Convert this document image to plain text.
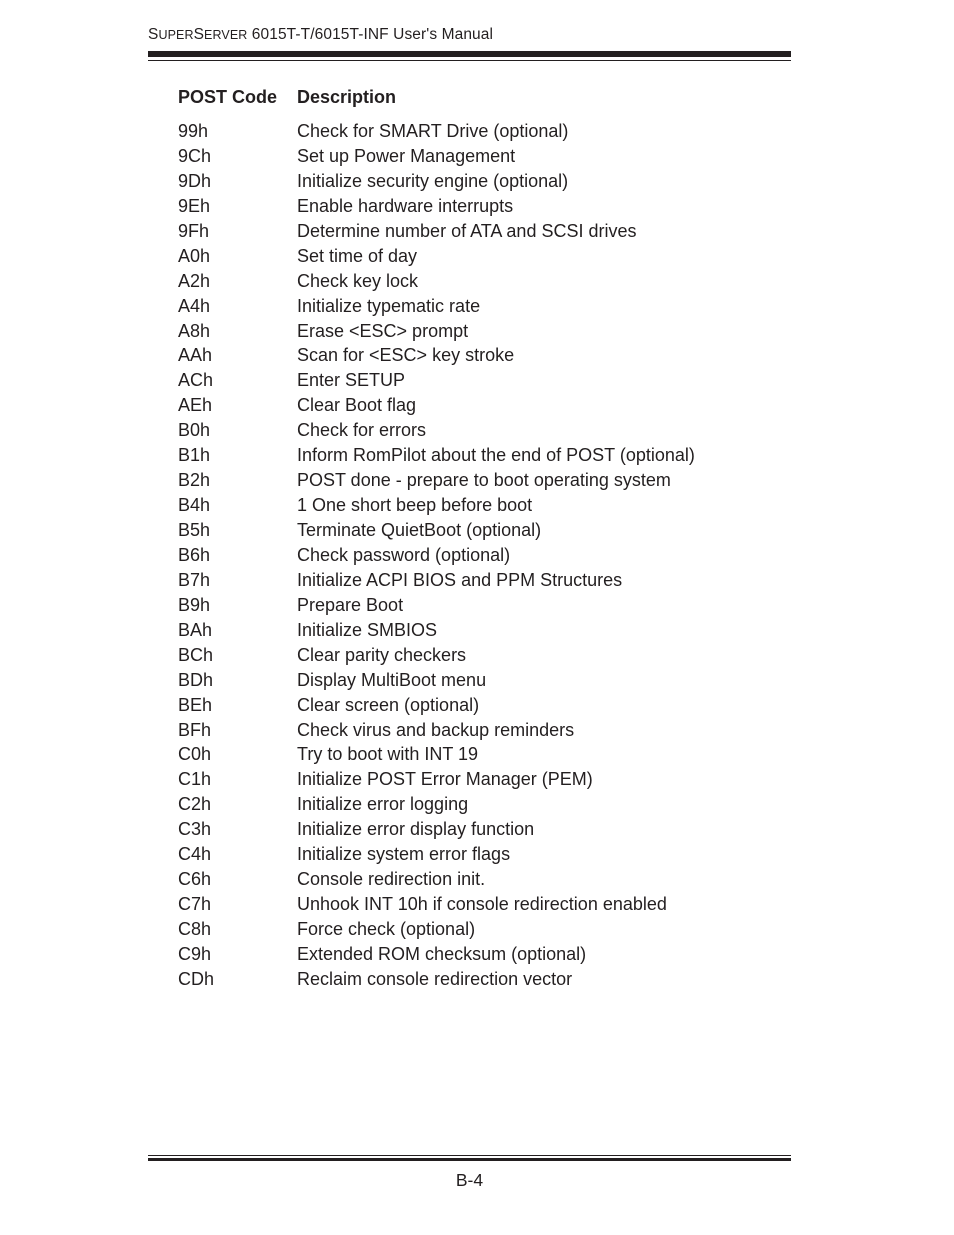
SUPERSERVER 6015T-T/6015T-INF User's Manual
POST Code	Description
99h	Check for SMART Drive (optional)
9Ch	Set up Power Management
9Dh	Initialize security engine (optional)
9Eh	Enable hardware interrupts
9Fh	Determine number of ATA and SCSI drives
A0h	Set time of day
A2h	Check key lock
A4h	Initialize typematic rate
A8h	Erase <ESC> prompt
AAh	Scan for <ESC> key stroke
ACh	Enter SETUP
AEh	Clear Boot flag
B0h	Check for errors
B1h	Inform RomPilot about the end of POST (optional)
B2h	POST done - prepare to boot operating system
B4h	1 One short beep before boot
B5h	Terminate QuietBoot (optional)
B6h	Check password (optional)
B7h	Initialize ACPI BIOS and PPM Structures
B9h	Prepare Boot
BAh	Initialize SMBIOS
BCh	Clear parity checkers
BDh	Display MultiBoot menu
BEh	Clear screen (optional)
BFh	Check virus and backup reminders
C0h	Try to boot with INT 19
C1h	Initialize POST Error Manager (PEM)
C2h	Initialize error logging
C3h	Initialize error display function
C4h	Initialize system error flags
C6h	Console redirection init.
C7h	Unhook INT 10h if console redirection enabled
C8h	Force check (optional)
C9h	Extended ROM checksum (optional)
CDh	Reclaim console redirection vector
B-4
